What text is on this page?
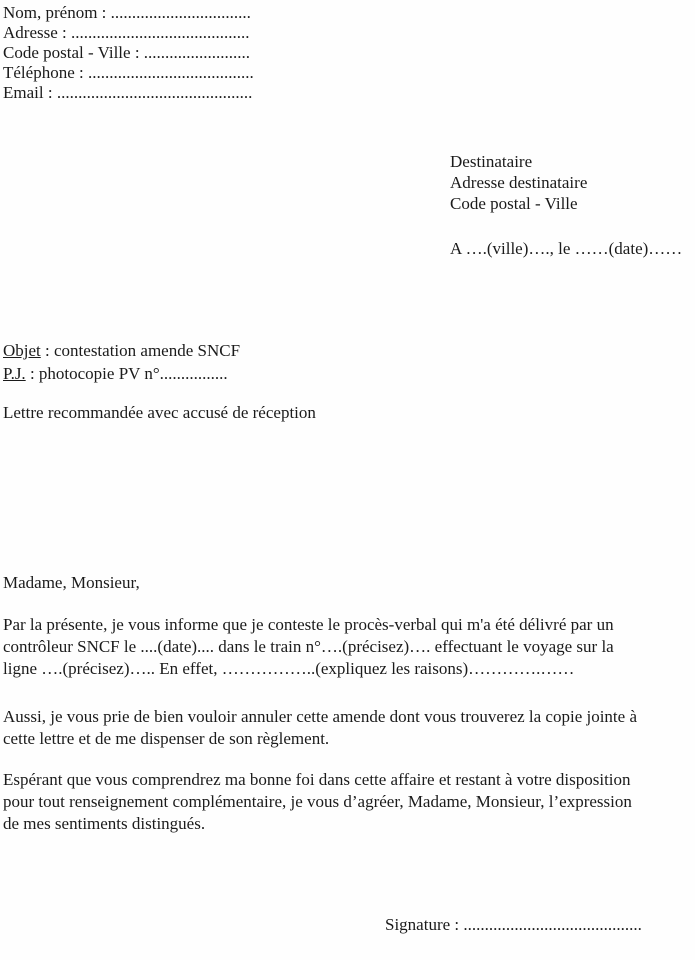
Nom, prénom : .................................
Adresse : ..........................................
Code postal - Ville : .........................
Téléphone : .......................................
Email : ..............................................
Destinataire
Adresse destinataire
Code postal - Ville
A ….(ville)…., le ……(date)……
Objet : contestation amende SNCF
P.J. : photocopie PV n°................
Lettre recommandée avec accusé de réception
Madame, Monsieur,
Par la présente, je vous informe que je conteste le procès-verbal qui m'a été délivré par un
contrôleur SNCF le ....(date).... dans le train n°….(précisez)…. effectuant le voyage sur la
ligne ….(précisez)….. En effet, ……………..(expliquez les raisons)………….……
Aussi, je vous prie de bien vouloir annuler cette amende dont vous trouverez la copie jointe à
cette lettre et de me dispenser de son règlement.
Espérant que vous comprendrez ma bonne foi dans cette affaire et restant à votre disposition
pour tout renseignement complémentaire, je vous d’agréer, Madame, Monsieur, l’expression
de mes sentiments distingués.
Signature : ..........................................
